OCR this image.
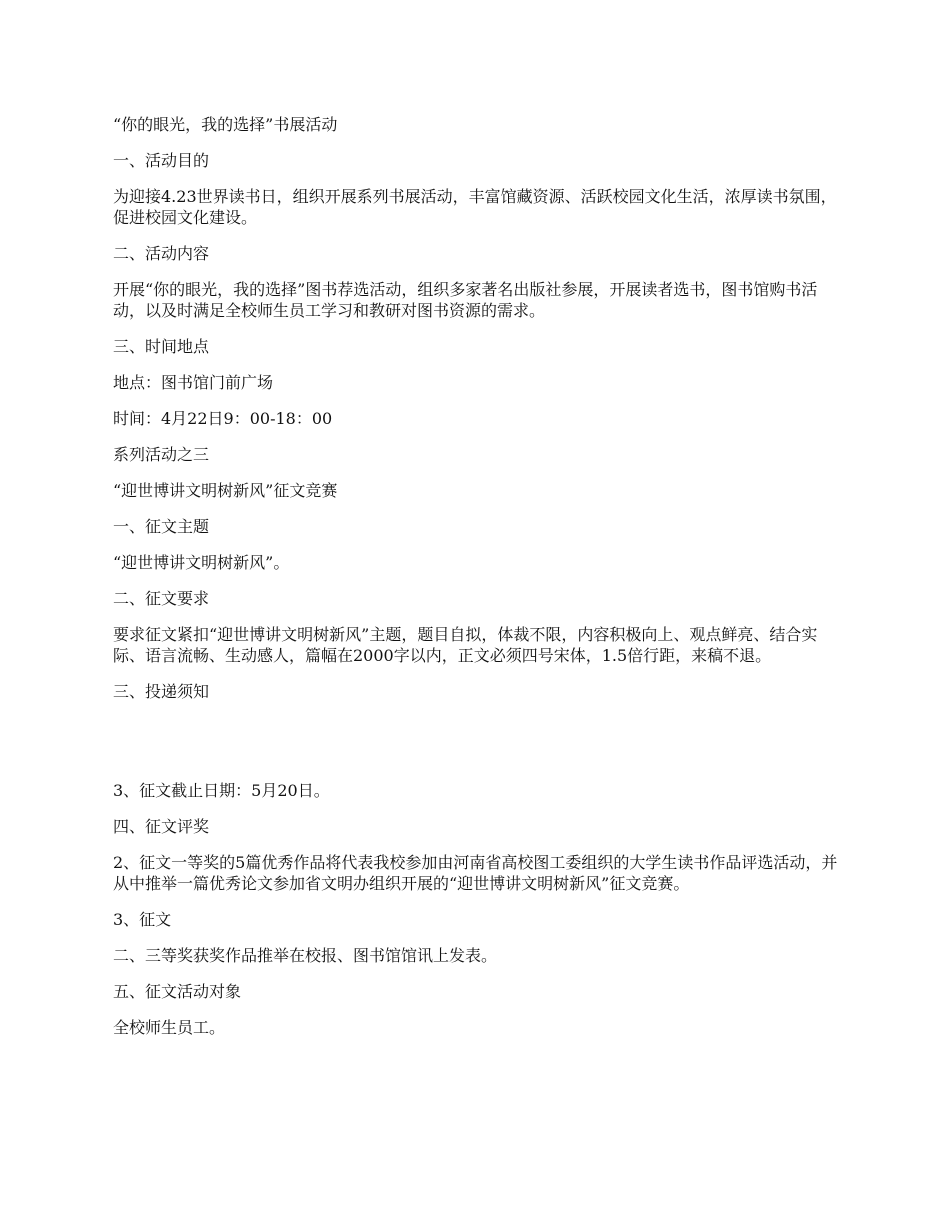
“你的眼光，我的选择”书展活动

一、活动目的

为迎接4.23世界读书日，组织开展系列书展活动，丰富馆藏资源、活跃校园文化生活，浓厚读书氛围，促进校园文化建设。

二、活动内容

开展“你的眼光，我的选择”图书荐选活动，组织多家著名出版社参展，开展读者选书，图书馆购书活动，以及时满足全校师生员工学习和教研对图书资源的需求。

三、时间地点

地点：图书馆门前广场

时间：4月22日9：00-18：00

系列活动之三

“迎世博讲文明树新风”征文竞赛

一、征文主题

“迎世博讲文明树新风”。

二、征文要求

要求征文紧扣“迎世博讲文明树新风”主题，题目自拟，体裁不限，内容积极向上、观点鲜亮、结合实际、语言流畅、生动感人，篇幅在2000字以内，正文必须四号宋体，1.5倍行距，来稿不退。

三、投递须知

3、征文截止日期：5月20日。

四、征文评奖

2、征文一等奖的5篇优秀作品将代表我校参加由河南省高校图工委组织的大学生读书作品评选活动，并从中推举一篇优秀论文参加省文明办组织开展的“迎世博讲文明树新风”征文竞赛。

3、征文

二、三等奖获奖作品推举在校报、图书馆馆讯上发表。

五、征文活动对象

全校师生员工。
